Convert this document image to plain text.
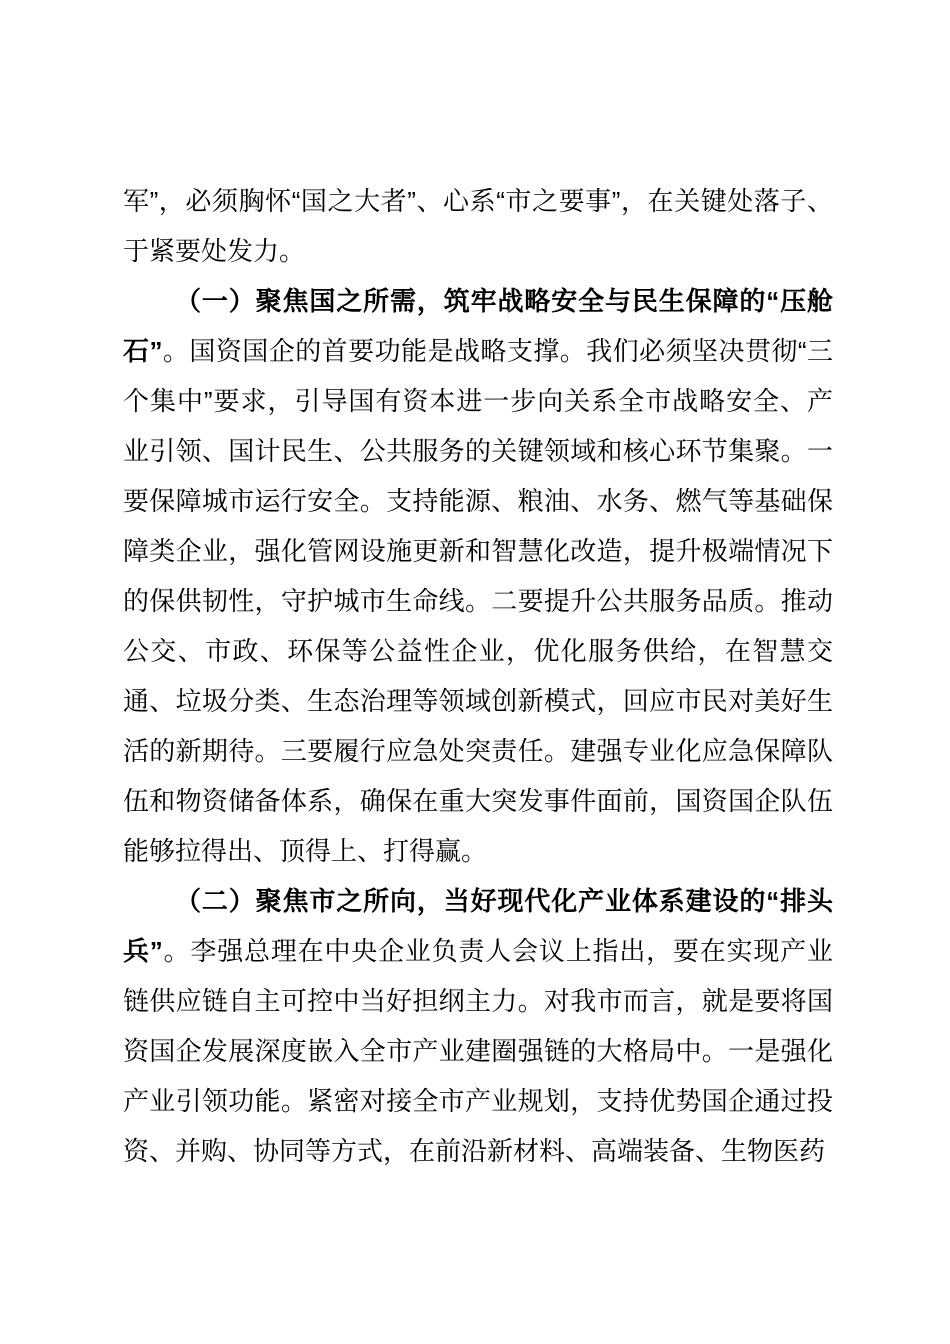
军”，必须胸怀“国之大者”、心系“市之要事”，在关键处落子、于紧要处发力。

（一）聚焦国之所需，筑牢战略安全与民生保障的“压舱石”。国资国企的首要功能是战略支撑。我们必须坚决贯彻“三个集中”要求，引导国有资本进一步向关系全市战略安全、产业引领、国计民生、公共服务的关键领域和核心环节集聚。一要保障城市运行安全。支持能源、粮油、水务、燃气等基础保障类企业，强化管网设施更新和智慧化改造，提升极端情况下的保供韧性，守护城市生命线。二要提升公共服务品质。推动公交、市政、环保等公益性企业，优化服务供给，在智慧交通、垃圾分类、生态治理等领域创新模式，回应市民对美好生活的新期待。三要履行应急处突责任。建强专业化应急保障队伍和物资储备体系，确保在重大突发事件面前，国资国企队伍能够拉得出、顶得上、打得赢。

（二）聚焦市之所向，当好现代化产业体系建设的“排头兵”。李强总理在中央企业负责人会议上指出，要在实现产业链供应链自主可控中当好担纲主力。对我市而言，就是要将国资国企发展深度嵌入全市产业建圈强链的大格局中。一是强化产业引领功能。紧密对接全市产业规划，支持优势国企通过投资、并购、协同等方式，在前沿新材料、高端装备、生物医药
